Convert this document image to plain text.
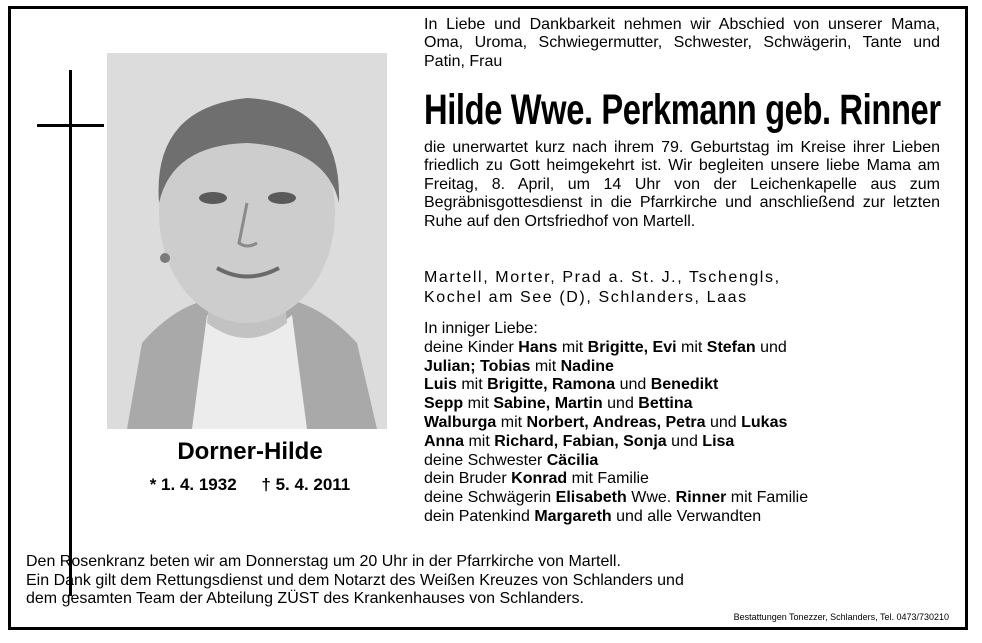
Dorner-Hilde
* 1. 4. 1932 † 5. 4. 2011
In Liebe und Dankbarkeit nehmen wir Abschied von unserer Mama, Oma, Uroma, Schwiegermutter, Schwester, Schwägerin, Tante und Patin, Frau
Hilde Wwe. Perkmann geb. Rinner
die unerwartet kurz nach ihrem 79. Geburtstag im Kreise ihrer Lieben friedlich zu Gott heimgekehrt ist. Wir begleiten unsere liebe Mama am Freitag, 8. April, um 14 Uhr von der Leichenkapelle aus zum Begräbnisgottesdienst in die Pfarrkirche und anschließend zur letzten Ruhe auf den Ortsfriedhof von Martell.
Martell, Morter, Prad a. St. J., Tschengls,
Kochel am See (D), Schlanders, Laas
In inniger Liebe:
deine Kinder Hans mit Brigitte, Evi mit Stefan und
Julian; Tobias mit Nadine
Luis mit Brigitte, Ramona und Benedikt
Sepp mit Sabine, Martin und Bettina
Walburga mit Norbert, Andreas, Petra und Lukas
Anna mit Richard, Fabian, Sonja und Lisa
deine Schwester Cäcilia
dein Bruder Konrad mit Familie
deine Schwägerin Elisabeth Wwe. Rinner mit Familie
dein Patenkind Margareth und alle Verwandten
Den Rosenkranz beten wir am Donnerstag um 20 Uhr in der Pfarrkirche von Martell.
Ein Dank gilt dem Rettungsdienst und dem Notarzt des Weißen Kreuzes von Schlanders und
dem gesamten Team der Abteilung ZÜST des Krankenhauses von Schlanders.
Bestattungen Tonezzer, Schlanders, Tel. 0473/730210
